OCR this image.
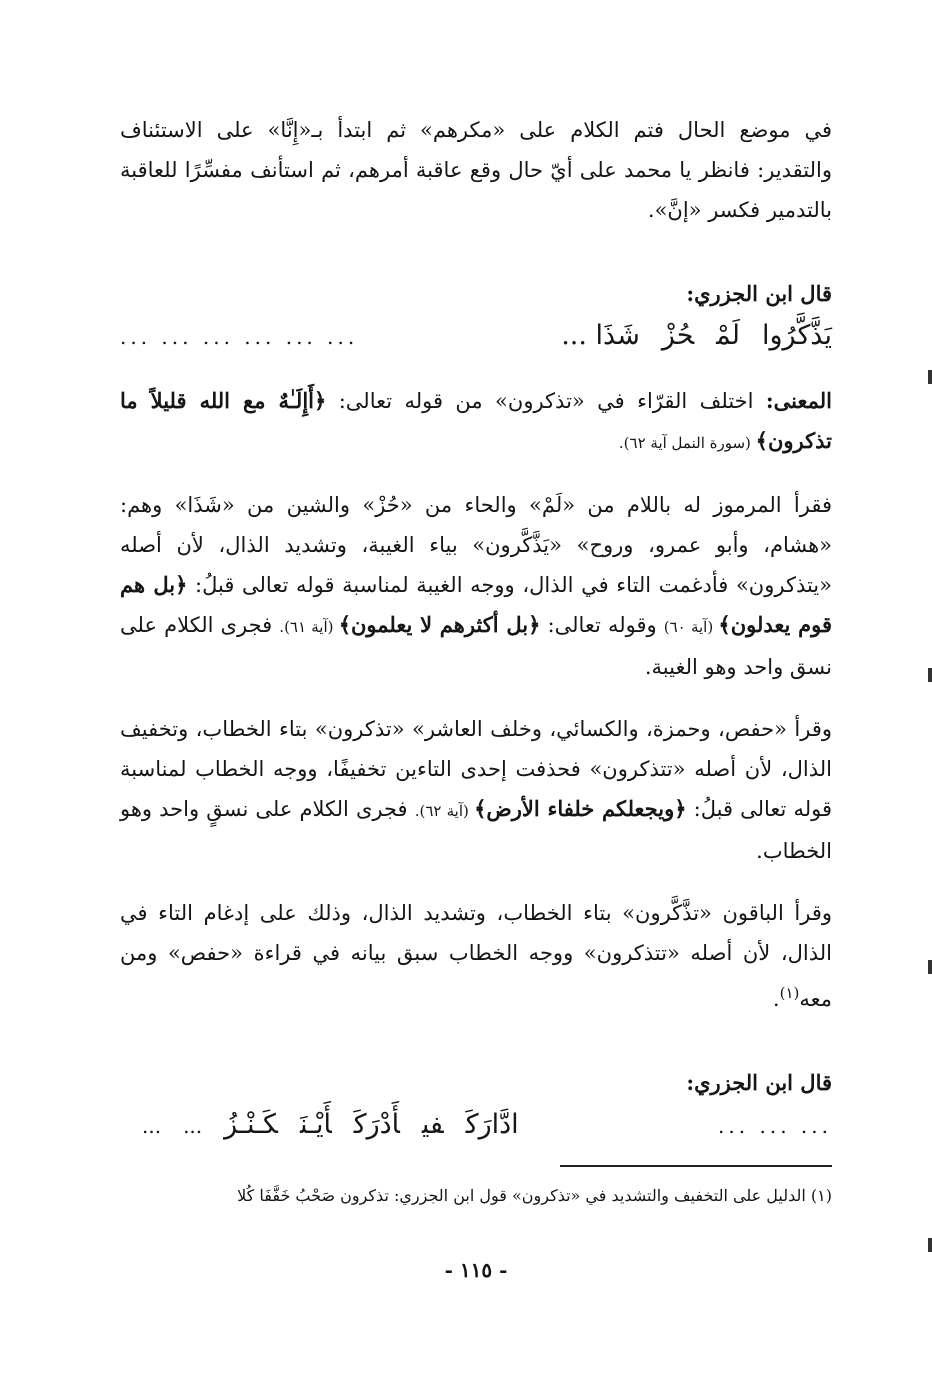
في موضع الحال فتم الكلام على «مكرهم» ثم ابتدأ بـ«إِنَّا» على الاستئناف والتقدير: فانظر يا محمد على أيّ حال وقع عاقبة أمرهم، ثم استأنف مفسِّرًا للعاقبة بالتدمير فكسر «إنَّ».

قال ابن الجزري:

يَذَّكَّرُوالَمْحُزْشَذَا ...
... ... ... ... ... ...

المعنى: اختلف القرّاء في «تذكرون» من قوله تعالى: ﴿أَإِلَـٰهٌ مع الله قليلاً ما تذكرون﴾ (سورة النمل آية ٦٢).

فقرأ المرموز له باللام من «لَمْ» والحاء من «حُزْ» والشين من «شَذَا» وهم: «هشام، وأبو عمرو، وروح» «يَذَّكَّرون» بياء الغيبة، وتشديد الذال، لأن أصله «يتذكرون» فأدغمت التاء في الذال، ووجه الغيبة لمناسبة قوله تعالى قبلُ: ﴿بل هم قوم يعدلون﴾ (آية ٦٠) وقوله تعالى: ﴿بل أكثرهم لا يعلمون﴾ (آية ٦١). فجرى الكلام على نسق واحد وهو الغيبة.

وقرأ «حفص، وحمزة، والكسائي، وخلف العاشر» «تذكرون» بتاء الخطاب، وتخفيف الذال، لأن أصله «تتذكرون» فحذفت إحدى التاءين تخفيفًا، ووجه الخطاب لمناسبة قوله تعالى قبلُ: ﴿ويجعلكم خلفاء الأرض﴾ (آية ٦٢). فجرى الكلام على نسقٍ واحد وهو الخطاب.

وقرأ الباقون «تذَّكَّرون» بتاء الخطاب، وتشديد الذال، وذلك على إدغام التاء في الذال، لأن أصله «تتذكرون» ووجه الخطاب سبق بيانه في قراءة «حفص» ومن معه$^{(١)}$.

قال ابن الجزري:

... ... ...
ادَّارَكَفيأَدْرَكَأَيْـنَكَـنْـزُ......
(١) الدليل على التخفيف والتشديد في «تذكرون» قول ابن الجزري: تذكرون صَحْبُ خَفَّفَا كُلا
- ١١٥ -
